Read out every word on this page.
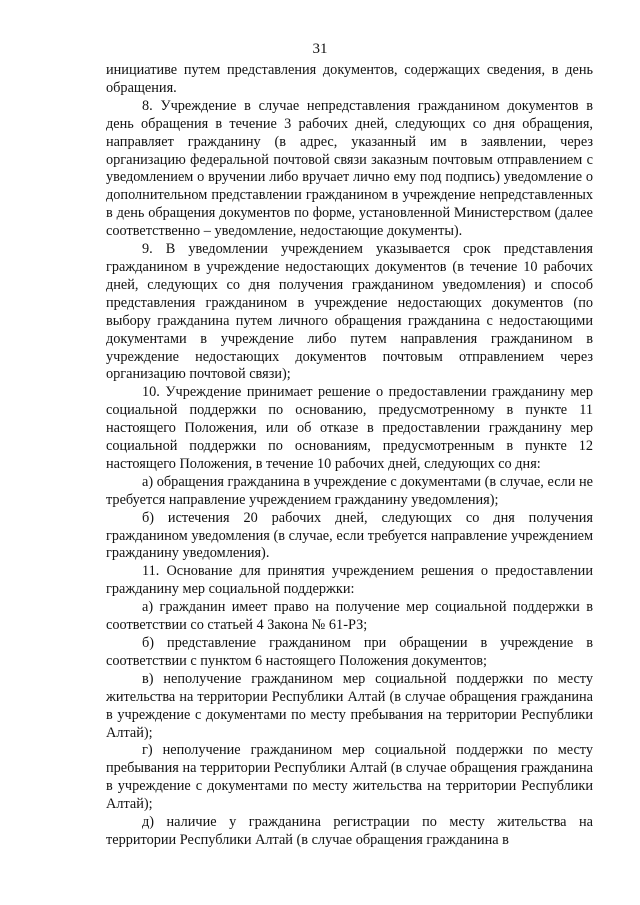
31

инициативе путем представления документов, содержащих сведения, в день обращения.

8. Учреждение в случае непредставления гражданином документов в день обращения в течение 3 рабочих дней, следующих со дня обращения, направляет гражданину (в адрес, указанный им в заявлении, через организацию федеральной почтовой связи заказным почтовым отправлением с уведомлением о вручении либо вручает лично ему под подпись) уведомление о дополнительном представлении гражданином в учреждение непредставленных в день обращения документов по форме, установленной Министерством (далее соответственно – уведомление, недостающие документы).

9. В уведомлении учреждением указывается срок представления гражданином в учреждение недостающих документов (в течение 10 рабочих дней, следующих со дня получения гражданином уведомления) и способ представления гражданином в учреждение недостающих документов (по выбору гражданина путем личного обращения гражданина с недостающими документами в учреждение либо путем направления гражданином в учреждение недостающих документов почтовым отправлением через организацию почтовой связи);

10. Учреждение принимает решение о предоставлении гражданину мер социальной поддержки по основанию, предусмотренному в пункте 11 настоящего Положения, или об отказе в предоставлении гражданину мер социальной поддержки по основаниям, предусмотренным в пункте 12 настоящего Положения, в течение 10 рабочих дней, следующих со дня:

а) обращения гражданина в учреждение с документами (в случае, если не требуется направление учреждением гражданину уведомления);

б) истечения 20 рабочих дней, следующих со дня получения гражданином уведомления (в случае, если требуется направление учреждением гражданину уведомления).

11. Основание для принятия учреждением решения о предоставлении гражданину мер социальной поддержки:

а) гражданин имеет право на получение мер социальной поддержки в соответствии со статьей 4 Закона № 61-РЗ;

б) представление гражданином при обращении в учреждение в соответствии с пунктом 6 настоящего Положения документов;

в) неполучение гражданином мер социальной поддержки по месту жительства на территории Республики Алтай (в случае обращения гражданина в учреждение с документами по месту пребывания на территории Республики Алтай);

г) неполучение гражданином мер социальной поддержки по месту пребывания на территории Республики Алтай (в случае обращения гражданина в учреждение с документами по месту жительства на территории Республики Алтай);

д) наличие у гражданина регистрации по месту жительства на территории Республики Алтай (в случае обращения гражданина в
